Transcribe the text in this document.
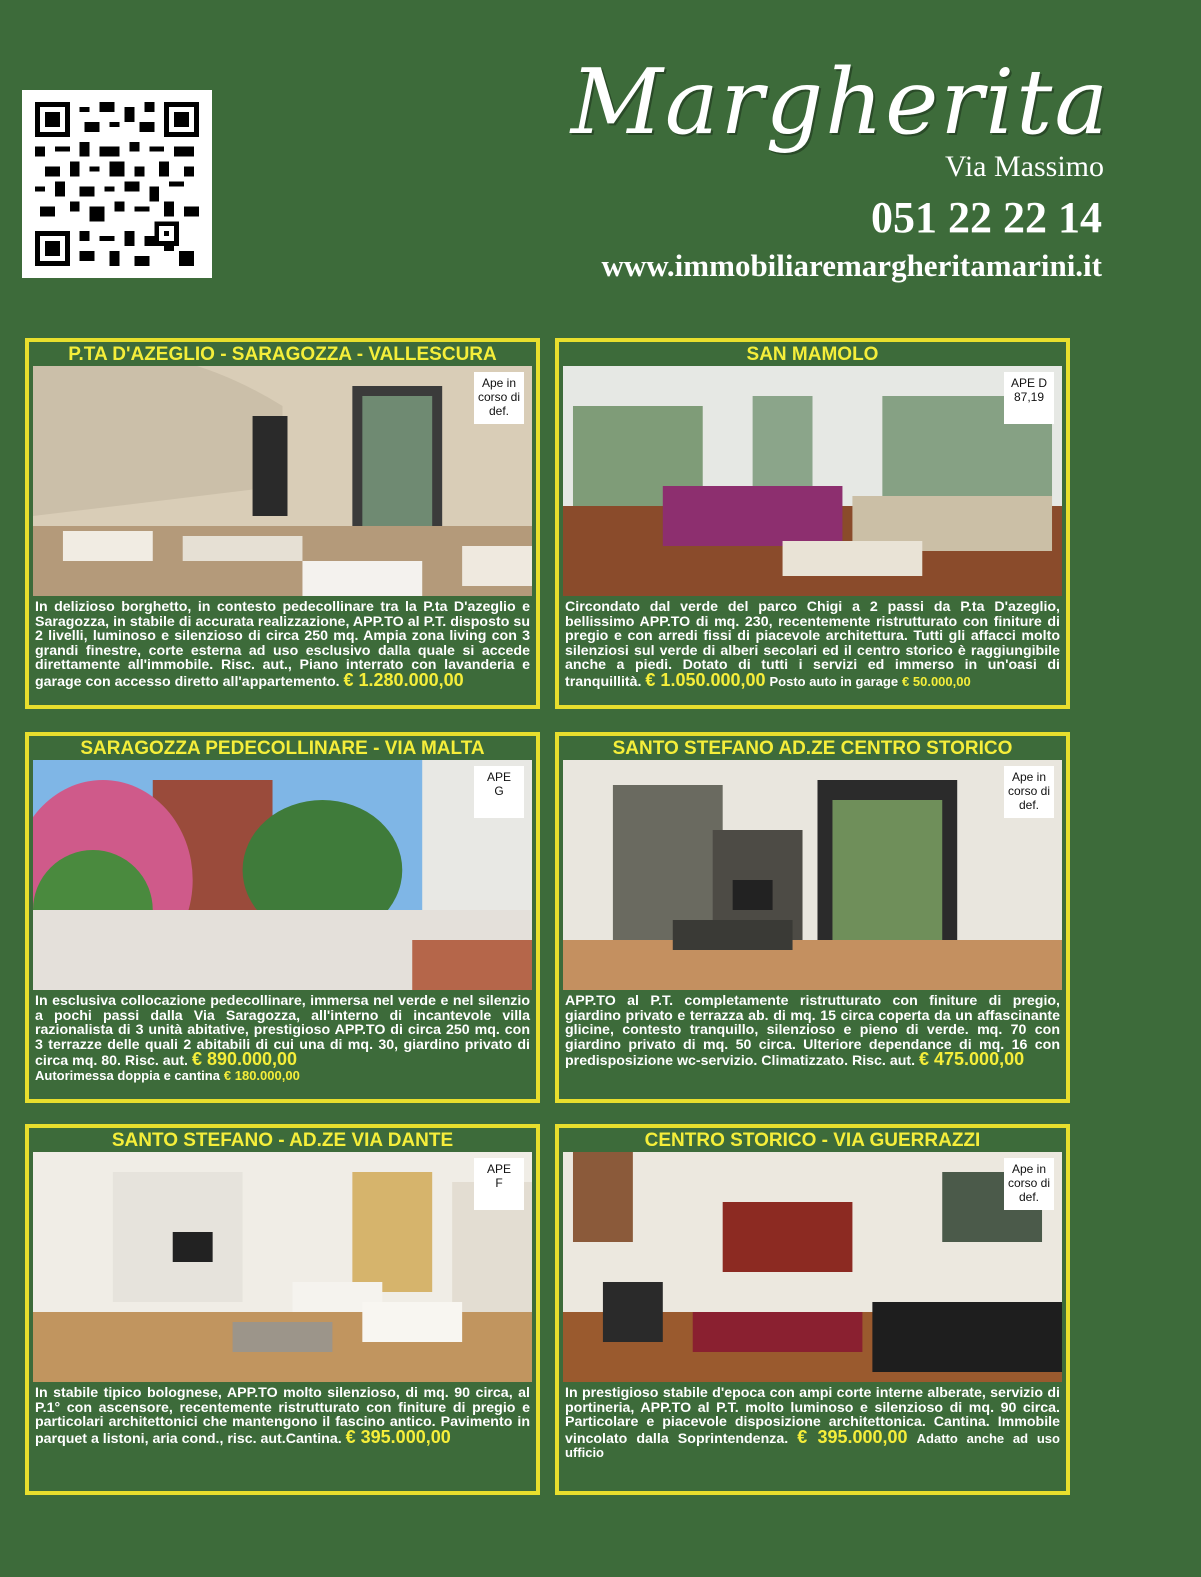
Margherita
Via Massimo
051 22 22 14
www.immobiliaremargheritamarini.it
P.TA D'AZEGLIO - SARAGOZZA - VALLESCURA
Ape in
corso di
def.
In delizioso borghetto, in contesto pedecollinare tra la P.ta D'azeglio e Saragozza, in stabile di accurata realizzazione, APP.TO al P.T. disposto su 2 livelli, luminoso e silenzioso di circa 250 mq. Ampia zona living con 3 grandi finestre, corte esterna ad uso esclusivo dalla quale si accede direttamente all'immobile. Risc. aut., Piano interrato con lavanderia e garage con accesso diretto all'appartemento. € 1.280.000,00
SAN MAMOLO
APE D
87,19
Circondato dal verde del parco Chigi a 2 passi da P.ta D'azeglio, bellissimo APP.TO di mq. 230, recentemente ristrutturato con finiture di pregio e con arredi fissi di piacevole architettura. Tutti gli affacci molto silenziosi sul verde di alberi secolari ed il centro storico è raggiungibile anche a piedi. Dotato di tutti i servizi ed immerso in un'oasi di tranquillità. € 1.050.000,00 Posto auto in garage € 50.000,00
SARAGOZZA PEDECOLLINARE - VIA MALTA
APE
G
In esclusiva collocazione pedecollinare, immersa nel verde e nel silenzio a pochi passi dalla Via Saragozza, all'interno di incantevole villa razionalista di 3 unità abitative, prestigioso APP.TO di circa 250 mq. con 3 terrazze delle quali 2 abitabili di cui una di mq. 30, giardino privato di circa mq. 80. Risc. aut. € 890.000,00
Autorimessa doppia e cantina € 180.000,00
SANTO STEFANO AD.ZE CENTRO STORICO
Ape in
corso di
def.
APP.TO al P.T. completamente ristrutturato con finiture di pregio, giardino privato e terrazza ab. di mq. 15 circa coperta da un affascinante glicine, contesto tranquillo, silenzioso e pieno di verde. mq. 70 con giardino privato di mq. 50 circa. Ulteriore dependance di mq. 16 con predisposizione wc-servizio. Climatizzato. Risc. aut. € 475.000,00
SANTO STEFANO - AD.ZE VIA DANTE
APE
F
In stabile tipico bolognese, APP.TO molto silenzioso, di mq. 90 circa, al P.1° con ascensore, recentemente ristrutturato con finiture di pregio e particolari architettonici che mantengono il fascino antico. Pavimento in parquet a listoni, aria cond., risc. aut.Cantina. € 395.000,00
CENTRO STORICO - VIA GUERRAZZI
Ape in
corso di
def.
In prestigioso stabile d'epoca con ampi corte interne alberate, servizio di portineria, APP.TO al P.T. molto luminoso e silenzioso di mq. 90 circa. Particolare e piacevole disposizione architettonica. Cantina. Immobile vincolato dalla Soprintendenza. € 395.000,00 Adatto anche ad uso ufficio
